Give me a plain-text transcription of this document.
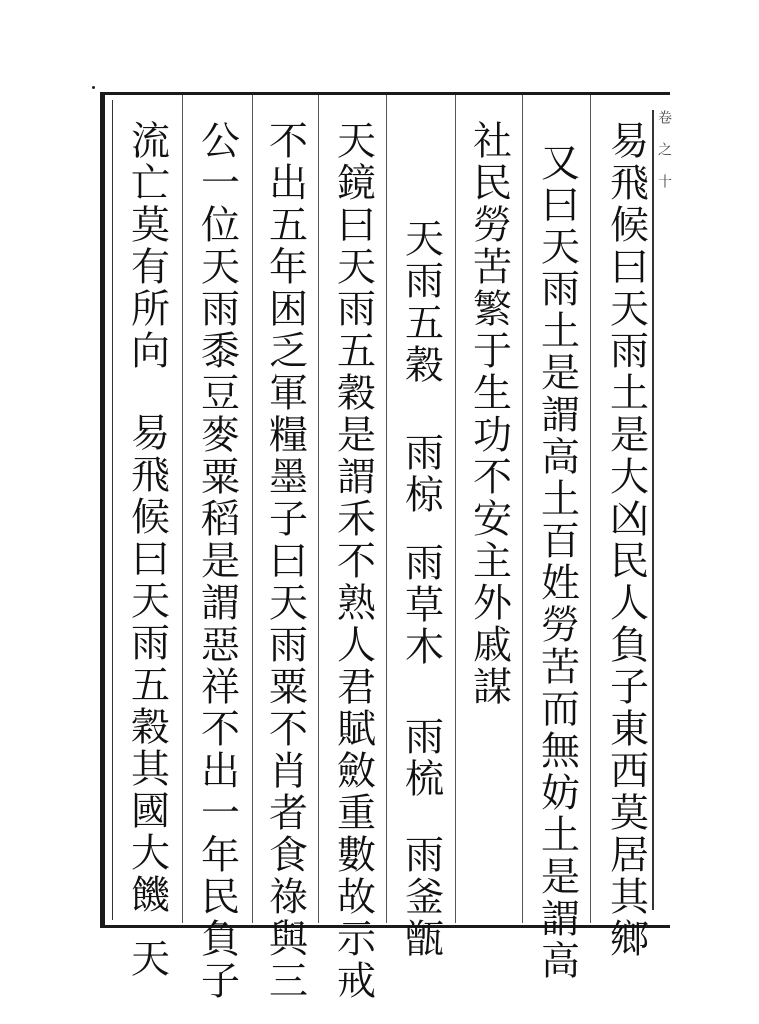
卷之十
易飛候曰天雨土是大凶民人負子東西莫居其鄉
又曰天雨土是謂高土百姓勞苦而無妨土是謂高
社民勞苦繁于生功不安主外戚謀
天雨五穀
雨椋
雨草木
雨梳
雨釜甑
天鏡曰天雨五穀是謂禾不熟人君賦斂重數故示戒
不出五年困乏軍糧墨子曰天雨粟不肖者食祿與三
公一位天雨黍豆麥粟稻是謂惡祥不出一年民負子
流亡莫有所向
易飛候曰天雨五穀其國大饑
天
